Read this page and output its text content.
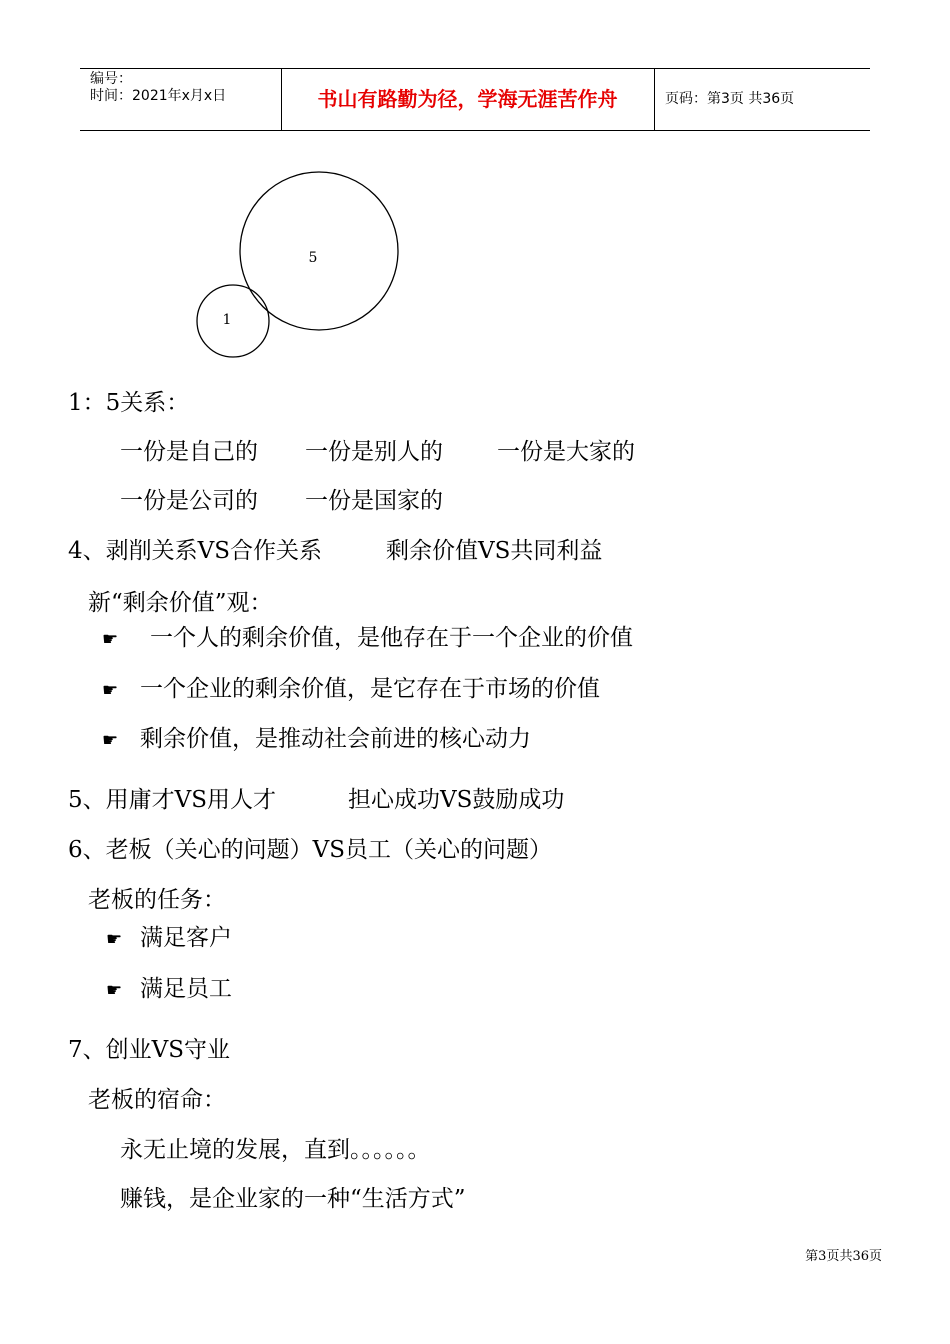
编号：
时间：2021年x月x日	书山有路勤为径，学海无涯苦作舟	页码：第3页 共36页
5
1
1：5关系：
一份是自己的 一份是别人的 一份是大家的
一份是公司的 一份是国家的
4、剥削关系VS合作关系	剩余价值VS共同利益
新“剩余价值”观：
☛ 一个人的剩余价值，是他存在于一个企业的价值
☛ 一个企业的剩余价值，是它存在于市场的价值
☛ 剩余价值，是推动社会前进的核心动力
5、用庸才VS用人才	担心成功VS鼓励成功
6、老板（关心的问题）VS员工（关心的问题）
老板的任务：
☛ 满足客户
☛ 满足员工
7、创业VS守业
老板的宿命：
永无止境的发展，直到。。。。。。
赚钱，是企业家的一种“生活方式”
第3页共36页
